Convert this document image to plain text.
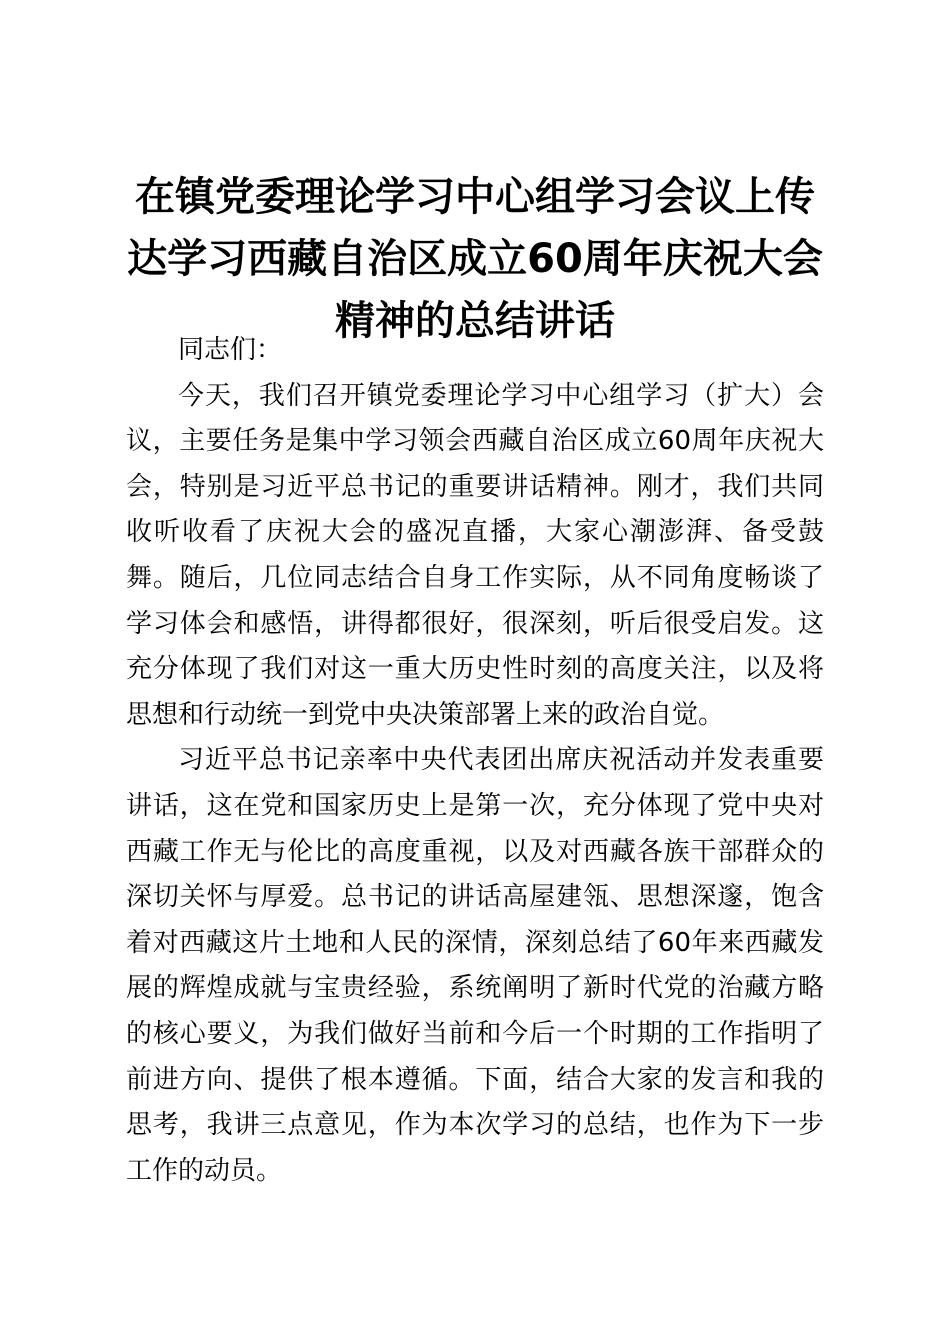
在镇党委理论学习中心组学习会议上传达学习西藏自治区成立60周年庆祝大会精神的总结讲话

同志们：

今天，我们召开镇党委理论学习中心组学习（扩大）会议，主要任务是集中学习领会西藏自治区成立60周年庆祝大会，特别是习近平总书记的重要讲话精神。刚才，我们共同收听收看了庆祝大会的盛况直播，大家心潮澎湃、备受鼓舞。随后，几位同志结合自身工作实际，从不同角度畅谈了学习体会和感悟，讲得都很好，很深刻，听后很受启发。这充分体现了我们对这一重大历史性时刻的高度关注，以及将思想和行动统一到党中央决策部署上来的政治自觉。

习近平总书记亲率中央代表团出席庆祝活动并发表重要讲话，这在党和国家历史上是第一次，充分体现了党中央对西藏工作无与伦比的高度重视，以及对西藏各族干部群众的深切关怀与厚爱。总书记的讲话高屋建瓴、思想深邃，饱含着对西藏这片土地和人民的深情，深刻总结了60年来西藏发展的辉煌成就与宝贵经验，系统阐明了新时代党的治藏方略的核心要义，为我们做好当前和今后一个时期的工作指明了前进方向、提供了根本遵循。下面，结合大家的发言和我的思考，我讲三点意见，作为本次学习的总结，也作为下一步工作的动员。
